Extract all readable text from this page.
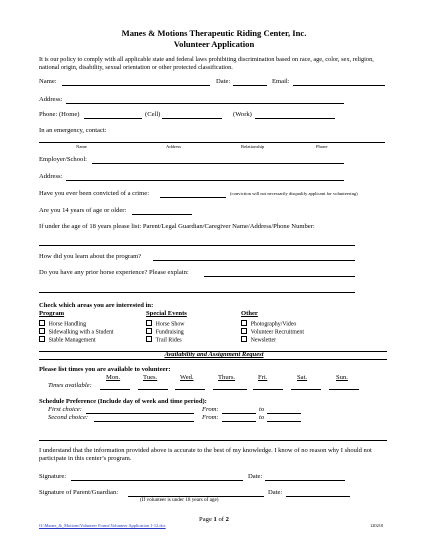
Manes & Motions Therapeutic Riding Center, Inc.
Volunteer Application
It is our policy to comply with all applicable state and federal laws prohibiting discrimination based on race, age, color, sex, religion, national origin, disability, sexual orientation or other protected classification.
Name:	Date:	Email:
Address:
Phone: (Home)	(Cell)	(Work)
In an emergency, contact:
Name	Address	Relationship	Phone
Employer/School:
Address:
Have you ever been convicted of a crime:	(conviction will not necessarily disqualify applicant for volunteering)
Are you 14 years of age or older:
If under the age of 18 years please list: Parent/Legal Guardian/Caregiver Name/Address/Phone Number:
How did you learn about the program?
Do you have any prior horse experience? Please explain:
Check which areas you are interested in:
Program
Horse Handling
Sidewalking with a Student
Stable Management
Special Events
Horse Show
Fundraising
Trail Rides
Other
Photography/Video
Volunteer Recruitment
Newsletter
Availability and Assignment Request
Please list times you are available to volunteer:
Mon.	Tues.	Wed.	Thurs.	Fri.	Sat.	Sun.
Times available:
Schedule Preference (Include day of week and time period):
First choice:	From:	to
Second choice:	From:	to
I understand that the information provided above is accurate to the best of my knowledge. I know of no reason why I should not participate in this center’s program.
Signature:	Date:
Signature of Parent/Guardian:	Date:
(If volunteer is under 18 years of age)
Page 1 of 2
O:\Manes_&_Motions\Volunteer Forms\Volunteer Application 1-12.doc	120210
